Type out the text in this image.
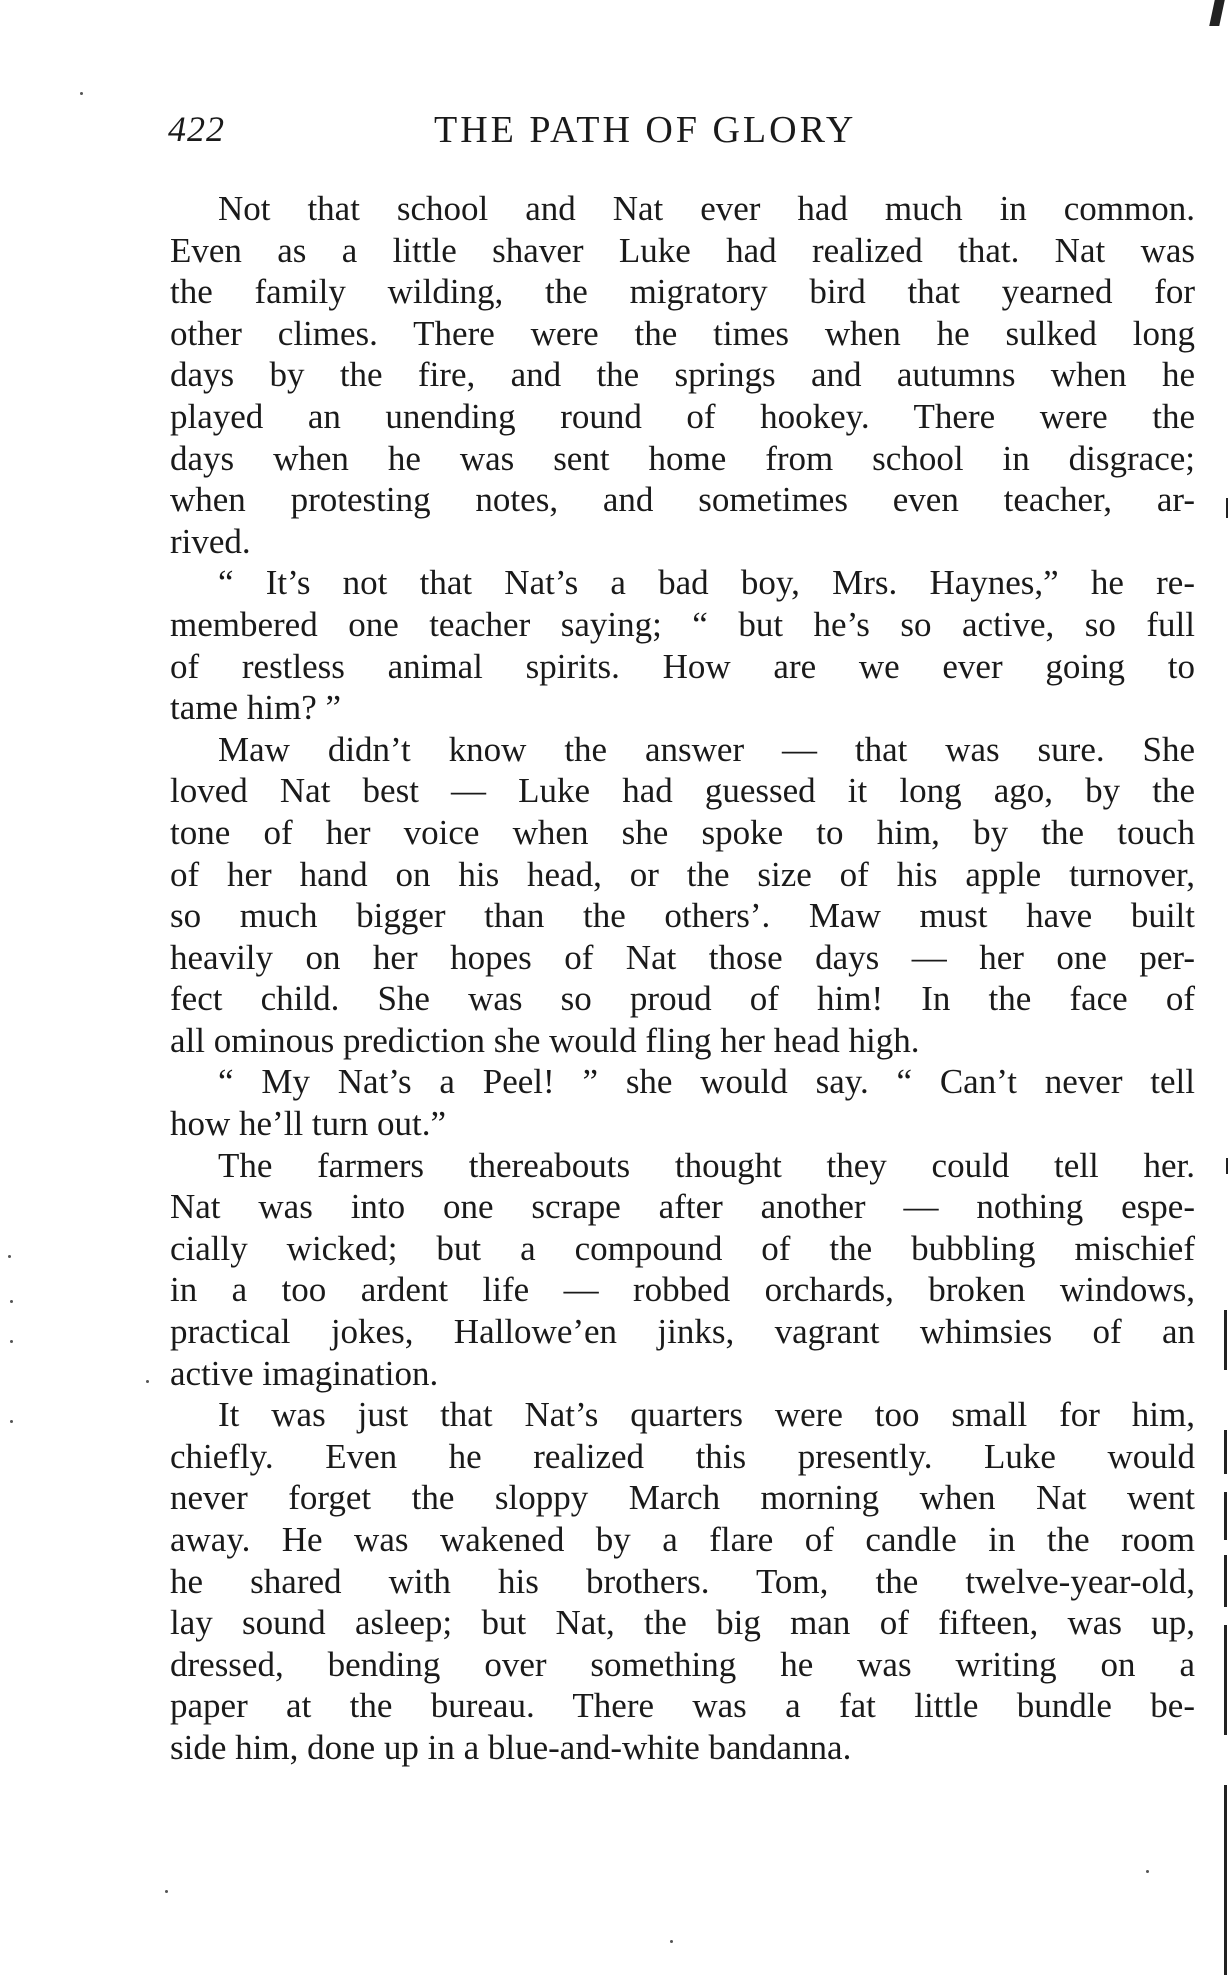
422	THE PATH OF GLORY
Not that school and Nat ever had much in common.
Even as a little shaver Luke had realized that. Nat was
the family wilding, the migratory bird that yearned for
other climes. There were the times when he sulked long
days by the fire, and the springs and autumns when he
played an unending round of hookey. There were the
days when he was sent home from school in disgrace;
when protesting notes, and sometimes even teacher, ar-
rived.
“ It’s not that Nat’s a bad boy, Mrs. Haynes,” he re-
membered one teacher saying; “ but he’s so active, so full
of restless animal spirits. How are we ever going to
tame him? ”
Maw didn’t know the answer — that was sure. She
loved Nat best — Luke had guessed it long ago, by the
tone of her voice when she spoke to him, by the touch
of her hand on his head, or the size of his apple turnover,
so much bigger than the others’. Maw must have built
heavily on her hopes of Nat those days — her one per-
fect child. She was so proud of him! In the face of
all ominous prediction she would fling her head high.
“ My Nat’s a Peel! ” she would say. “ Can’t never tell
how he’ll turn out.”
The farmers thereabouts thought they could tell her.
Nat was into one scrape after another — nothing espe-
cially wicked; but a compound of the bubbling mischief
in a too ardent life — robbed orchards, broken windows,
practical jokes, Hallowe’en jinks, vagrant whimsies of an
active imagination.
It was just that Nat’s quarters were too small for him,
chiefly. Even he realized this presently. Luke would
never forget the sloppy March morning when Nat went
away. He was wakened by a flare of candle in the room
he shared with his brothers. Tom, the twelve-year-old,
lay sound asleep; but Nat, the big man of fifteen, was up,
dressed, bending over something he was writing on a
paper at the bureau. There was a fat little bundle be-
side him, done up in a blue-and-white bandanna.
